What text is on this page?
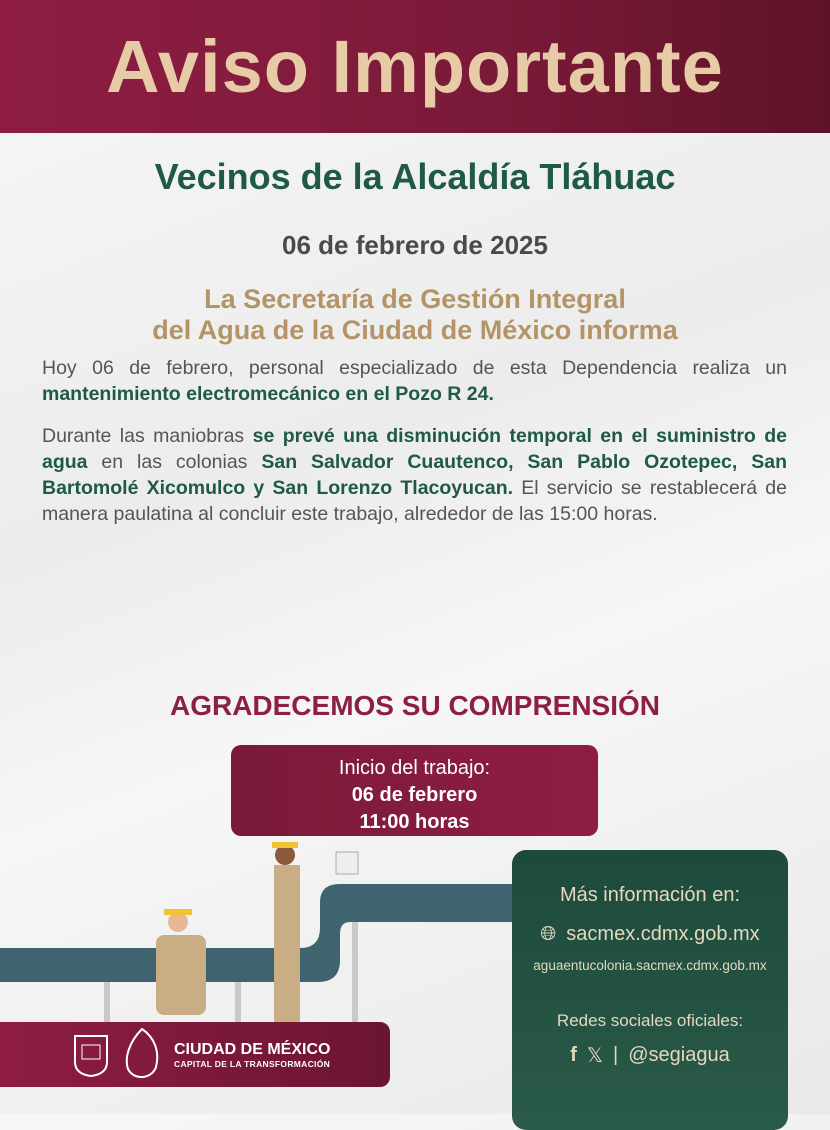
Aviso Importante
Vecinos de la Alcaldía Tláhuac
06 de febrero de 2025
La Secretaría de Gestión Integral
del Agua de la Ciudad de México informa
Hoy 06 de febrero, personal especializado de esta Dependencia realiza un mantenimiento electromecánico en el Pozo R 24.
Durante las maniobras se prevé una disminución temporal en el suministro de agua en las colonias San Salvador Cuautenco, San Pablo Ozotepec, San Bartomolé Xicomulco y San Lorenzo Tlacoyucan. El servicio se restablecerá de manera paulatina al concluir este trabajo, alrededor de las 15:00 horas.
AGRADECEMOS SU COMPRENSIÓN
Inicio del trabajo:
06 de febrero
11:00 horas
Más información en:
🌐︎ sacmex.cdmx.gob.mx
aguaentucolonia.sacmex.cdmx.gob.mx
Redes sociales oficiales:
f 𝕏 | @segiagua
CIUDAD DE MÉXICO
CAPITAL DE LA TRANSFORMACIÓN
